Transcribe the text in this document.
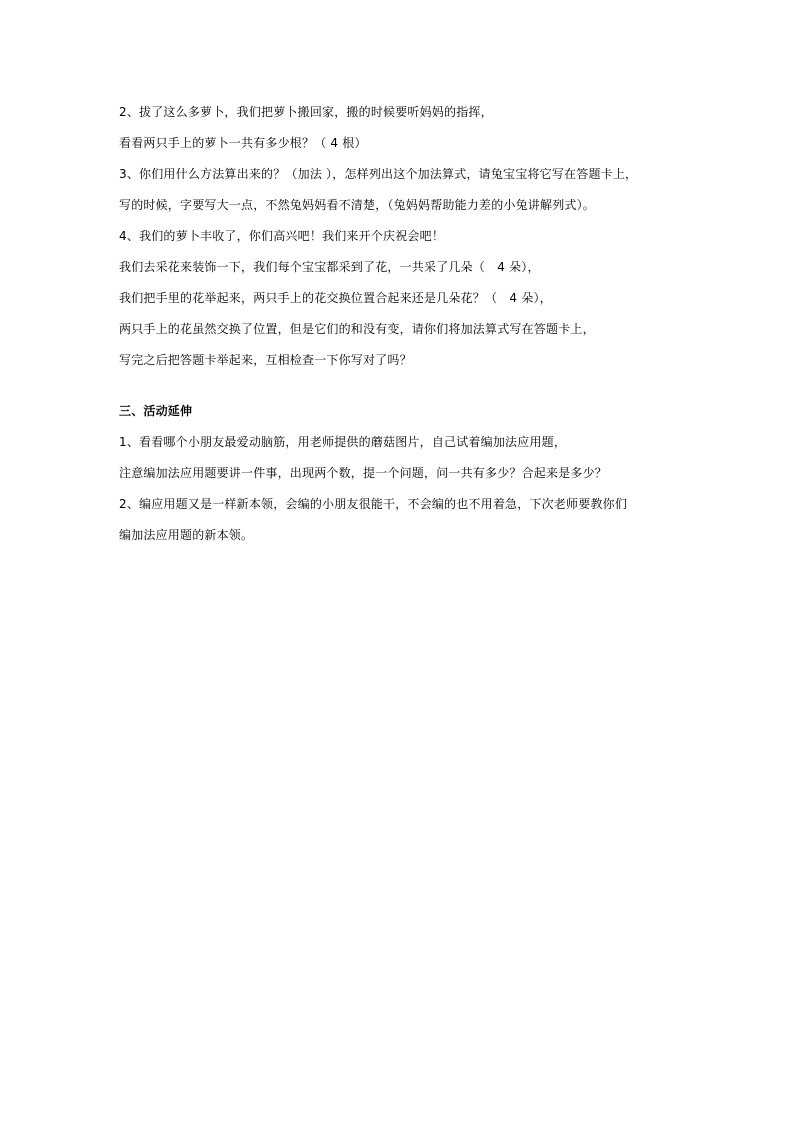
2、拔了这么多萝卜，我们把萝卜搬回家，搬的时候要听妈妈的指挥，
看看两只手上的萝卜一共有多少根？（ 4 根）
3、你们用什么方法算出来的？（加法 ），怎样列出这个加法算式，请兔宝宝将它写在答题卡上，
写的时候，字要写大一点，不然兔妈妈看不清楚，（兔妈妈帮助能力差的小兔讲解列式）。
4、我们的萝卜丰收了，你们高兴吧！我们来开个庆祝会吧！
我们去采花来装饰一下，我们每个宝宝都采到了花，一共采了几朵（　4 朵），
我们把手里的花举起来，两只手上的花交换位置合起来还是几朵花？（　4 朵），
两只手上的花虽然交换了位置，但是它们的和没有变，请你们将加法算式写在答题卡上，
写完之后把答题卡举起来，互相检查一下你写对了吗？
三、活动延伸
1、看看哪个小朋友最爱动脑筋，用老师提供的蘑菇图片，自己试着编加法应用题，
注意编加法应用题要讲一件事，出现两个数，提一个问题，问一共有多少？合起来是多少？
2、编应用题又是一样新本领，会编的小朋友很能干，不会编的也不用着急，下次老师要教你们
编加法应用题的新本领。
